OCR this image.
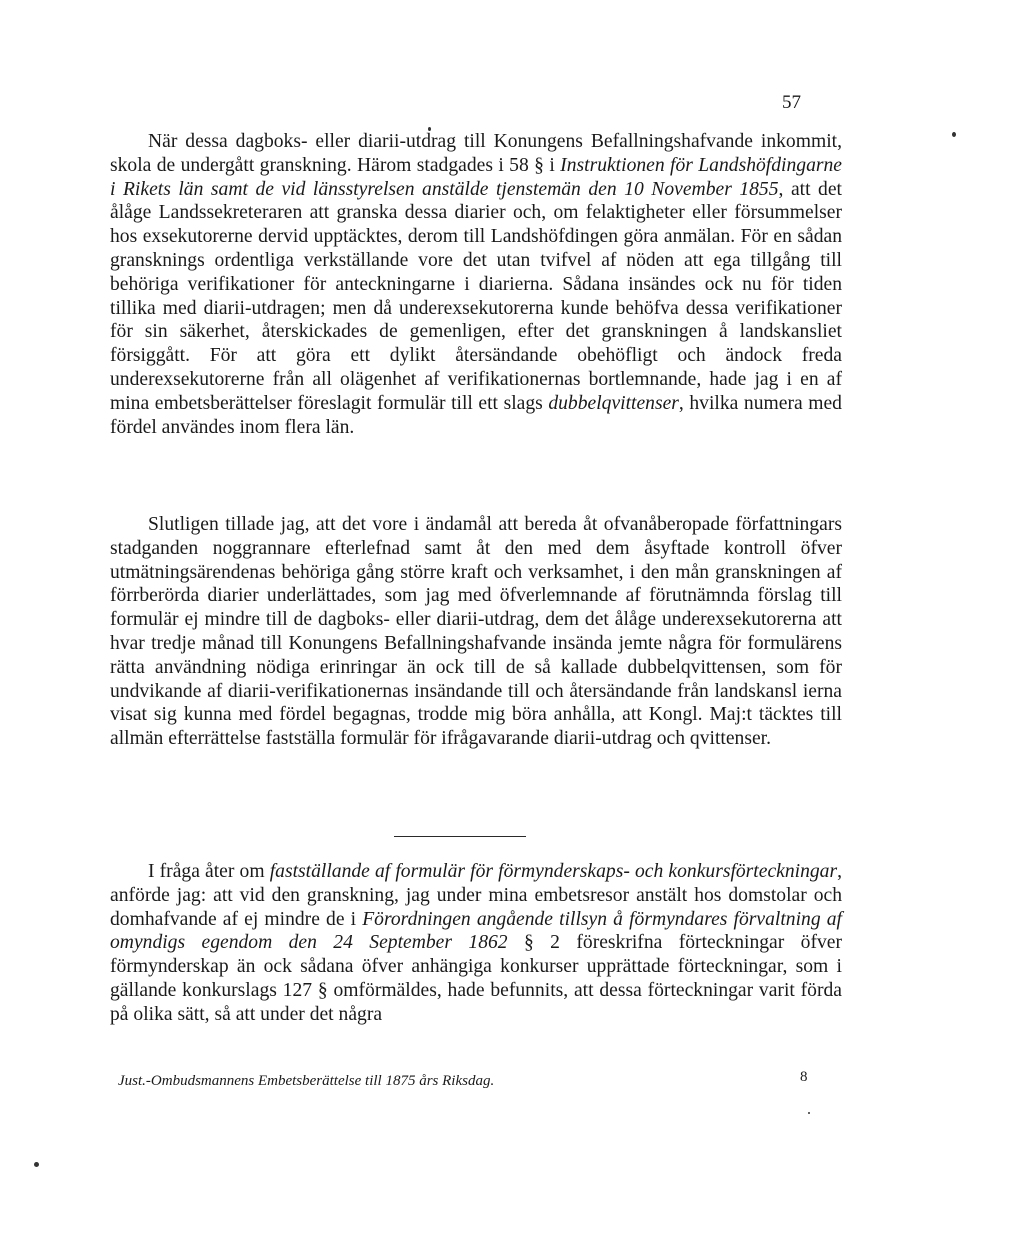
57

När dessa dagboks- eller diarii-utdrag till Konungens Befallningshafvande inkommit, skola de undergått granskning. Härom stadgades i 58 § i Instruktionen för Landshöfdingarne i Rikets län samt de vid länsstyrelsen anstälde tjenstemän den 10 November 1855, att det ålåge Landssekreteraren att granska dessa diarier och, om felaktigheter eller försummelser hos exsekutorerne dervid upptäcktes, derom till Landshöfdingen göra anmälan. För en sådan gransknings ordentliga verkställande vore det utan tvifvel af nöden att ega tillgång till behöriga verifikationer för anteckningarne i diarierna. Sådana insändes ock nu för tiden tillika med diarii-utdragen; men då underexsekutorerna kunde behöfva dessa verifikationer för sin säkerhet, återskickades de gemenligen, efter det granskningen å landskansliet försiggått. För att göra ett dylikt återsändande obehöfligt och ändock freda underexsekutorerne från all olägenhet af verifikationernas bortlemnande, hade jag i en af mina embetsberättelser föreslagit formulär till ett slags dubbelqvittenser, hvilka numera med fördel användes inom flera län.

Slutligen tillade jag, att det vore i ändamål att bereda åt ofvanåberopade författningars stadganden noggrannare efterlefnad samt åt den med dem åsyftade kontroll öfver utmätningsärendenas behöriga gång större kraft och verksamhet, i den mån granskningen af förrberörda diarier underlättades, som jag med öfverlemnande af förutnämnda förslag till formulär ej mindre till de dagboks- eller diarii-utdrag, dem det ålåge underexsekutorerna att hvar tredje månad till Konungens Befallningshafvande insända jemte några för formulärens rätta användning nödiga erinringar än ock till de så kallade dubbelqvittensen, som för undvikande af diarii-verifikationernas insändande till och återsändande från landskansl ierna visat sig kunna med fördel begagnas, trodde mig böra anhålla, att Kongl. Maj:t täcktes till allmän efterrättelse fastställa formulär för ifrågavarande diarii-utdrag och qvittenser.

I fråga åter om fastställande af formulär för förmynderskaps- och konkursförteckningar, anförde jag: att vid den granskning, jag under mina embetsresor anstält hos domstolar och domhafvande af ej mindre de i Förordningen angående tillsyn å förmyndares förvaltning af omyndigs egendom den 24 September 1862 § 2 föreskrifna förteckningar öfver förmynderskap än ock sådana öfver anhängiga konkurser upprättade förteckningar, som i gällande konkurslags 127 § omförmäldes, hade befunnits, att dessa förteckningar varit förda på olika sätt, så att under det några

Just.-Ombudsmannens Embetsberättelse till 1875 års Riksdag.	8
